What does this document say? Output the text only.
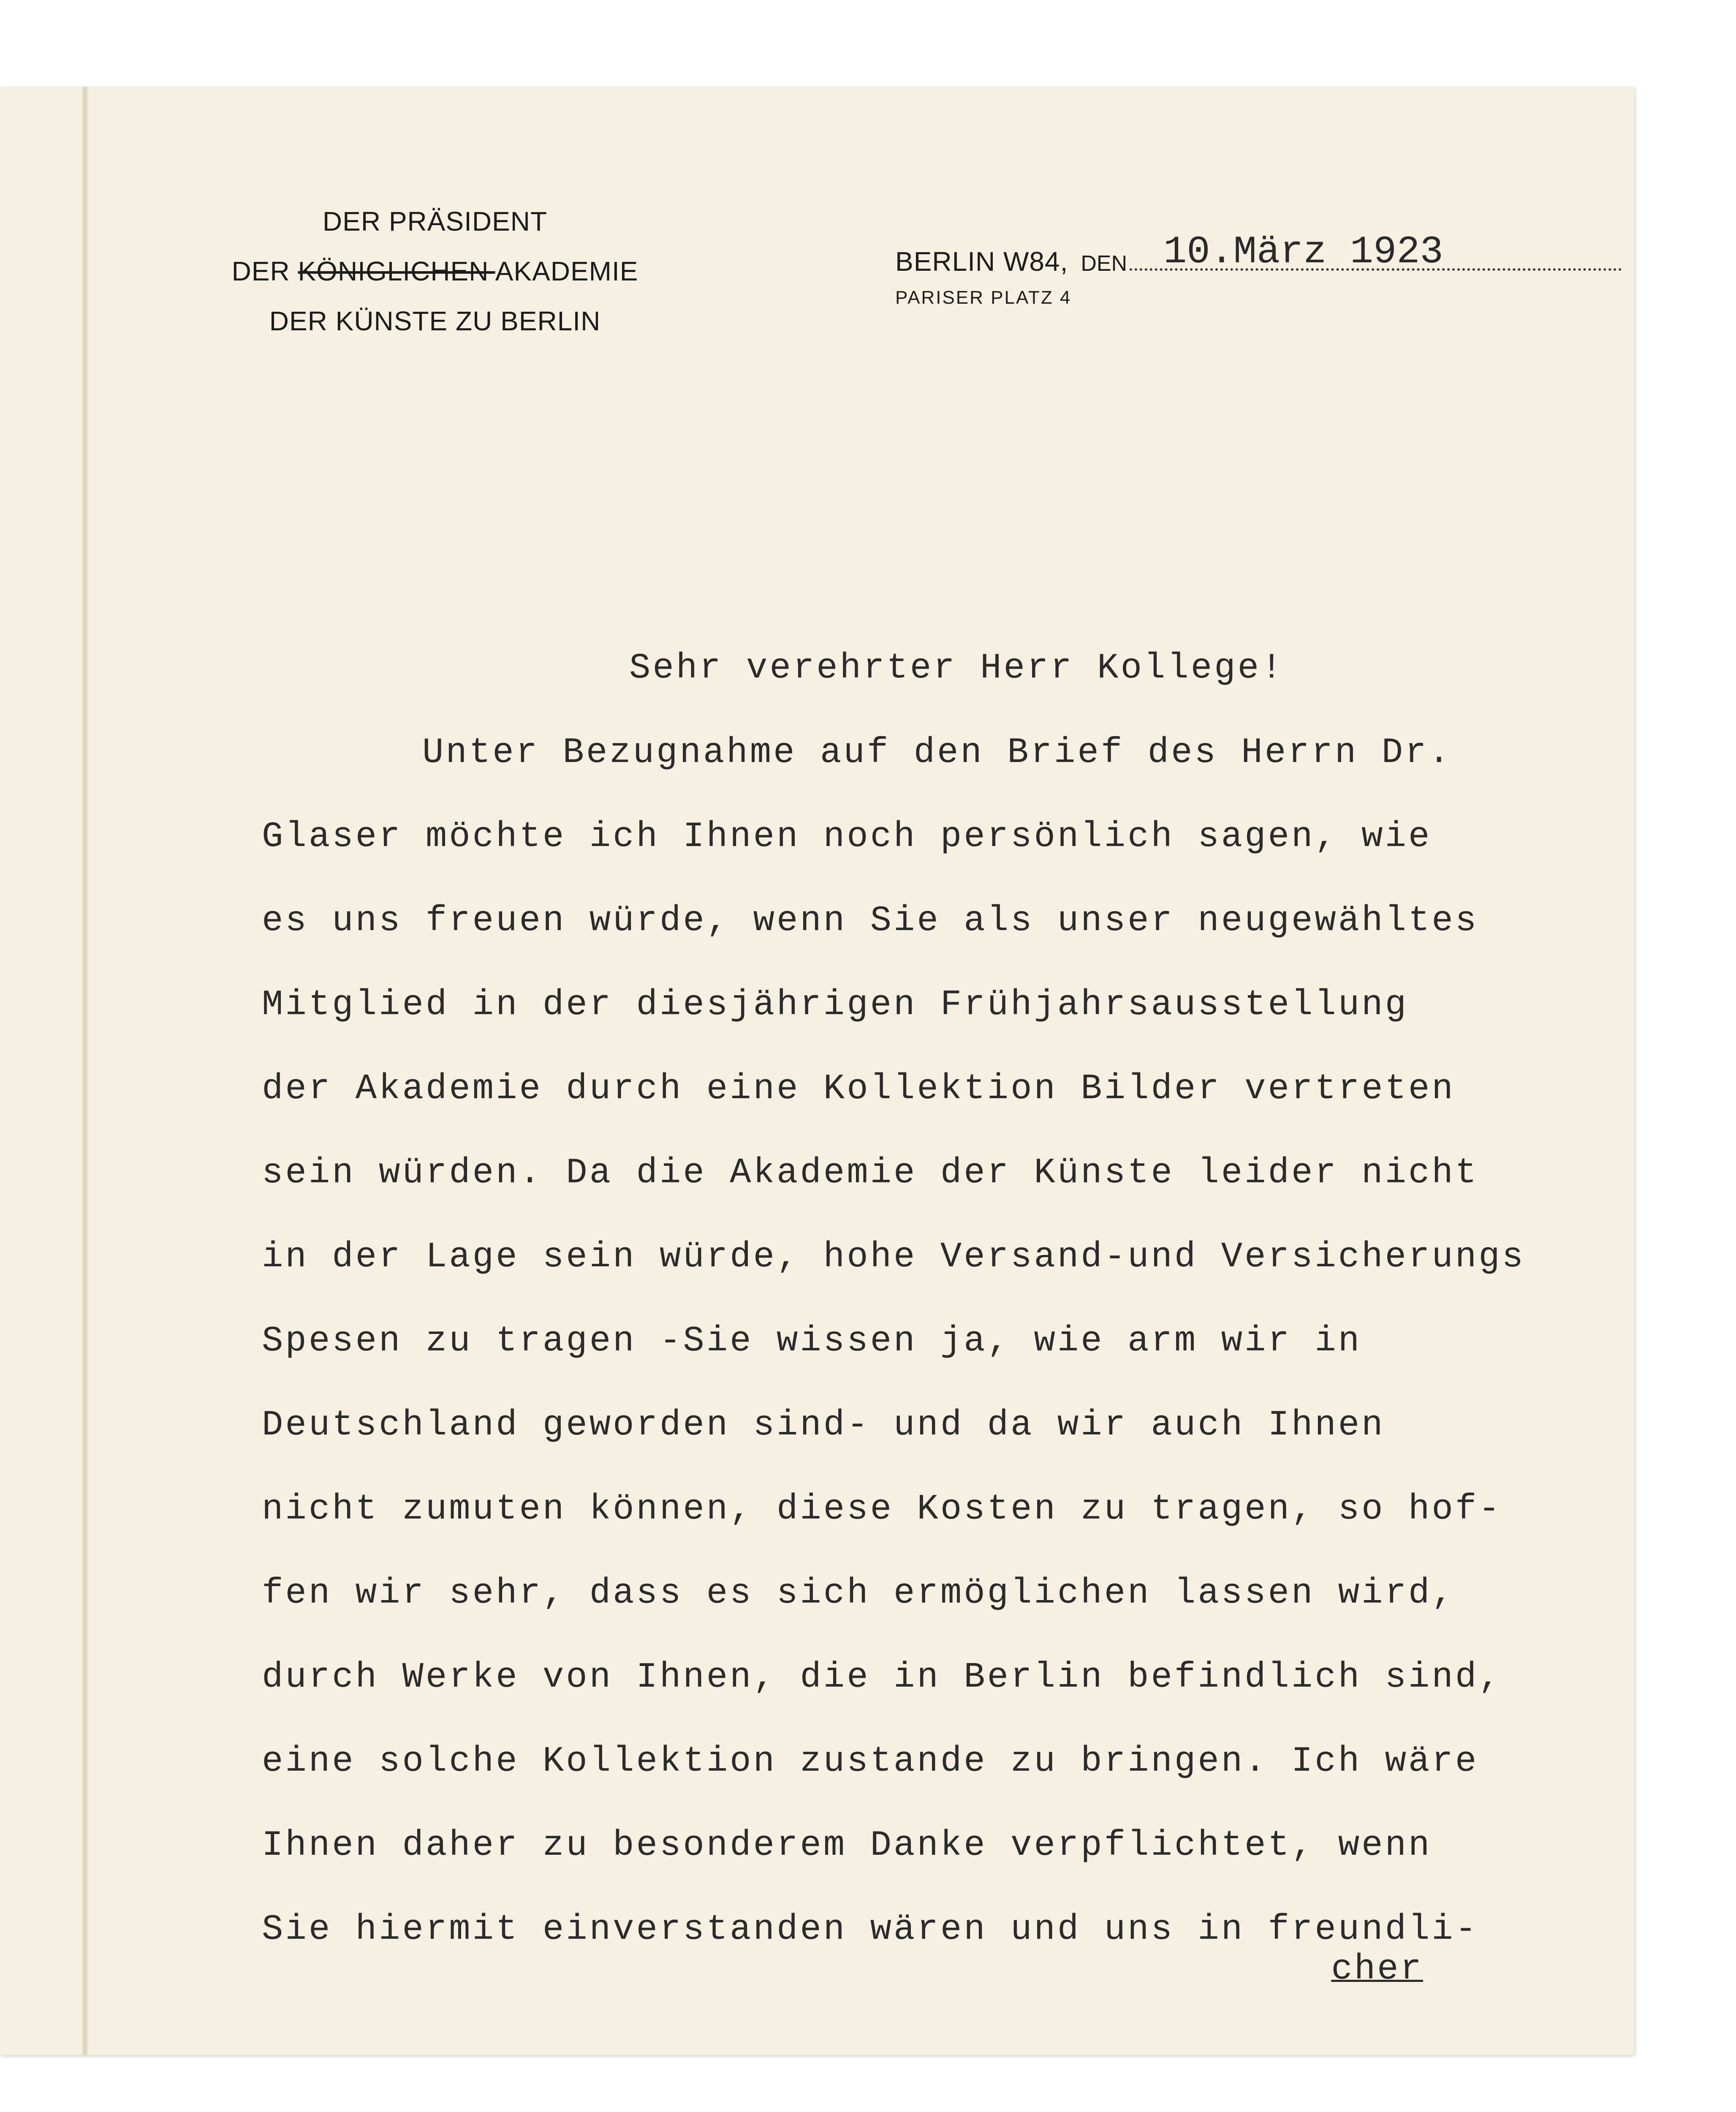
DER PRÄSIDENT
DER KÖNIGLICHEN AKADEMIE
DER KÜNSTE ZU BERLIN
BERLIN W84, DEN 10.März 1923
PARISER PLATZ 4
Sehr verehrter Herr Kollege!
Unter Bezugnahme auf den Brief des Herrn Dr.
Glaser möchte ich Ihnen noch persönlich sagen, wie
es uns freuen würde, wenn Sie als unser neugewähltes
Mitglied in der diesjährigen Frühjahrsausstellung
der Akademie durch eine Kollektion Bilder vertreten
sein würden. Da die Akademie der Künste leider nicht
in der Lage sein würde, hohe Versand-und Versicherungs
Spesen zu tragen -Sie wissen ja, wie arm wir in
Deutschland geworden sind- und da wir auch Ihnen
nicht zumuten können, diese Kosten zu tragen, so hof-
fen wir sehr, dass es sich ermöglichen lassen wird,
durch Werke von Ihnen, die in Berlin befindlich sind,
eine solche Kollektion zustande zu bringen. Ich wäre
Ihnen daher zu besonderem Danke verpflichtet, wenn
Sie hiermit einverstanden wären und uns in freundli-
cher
